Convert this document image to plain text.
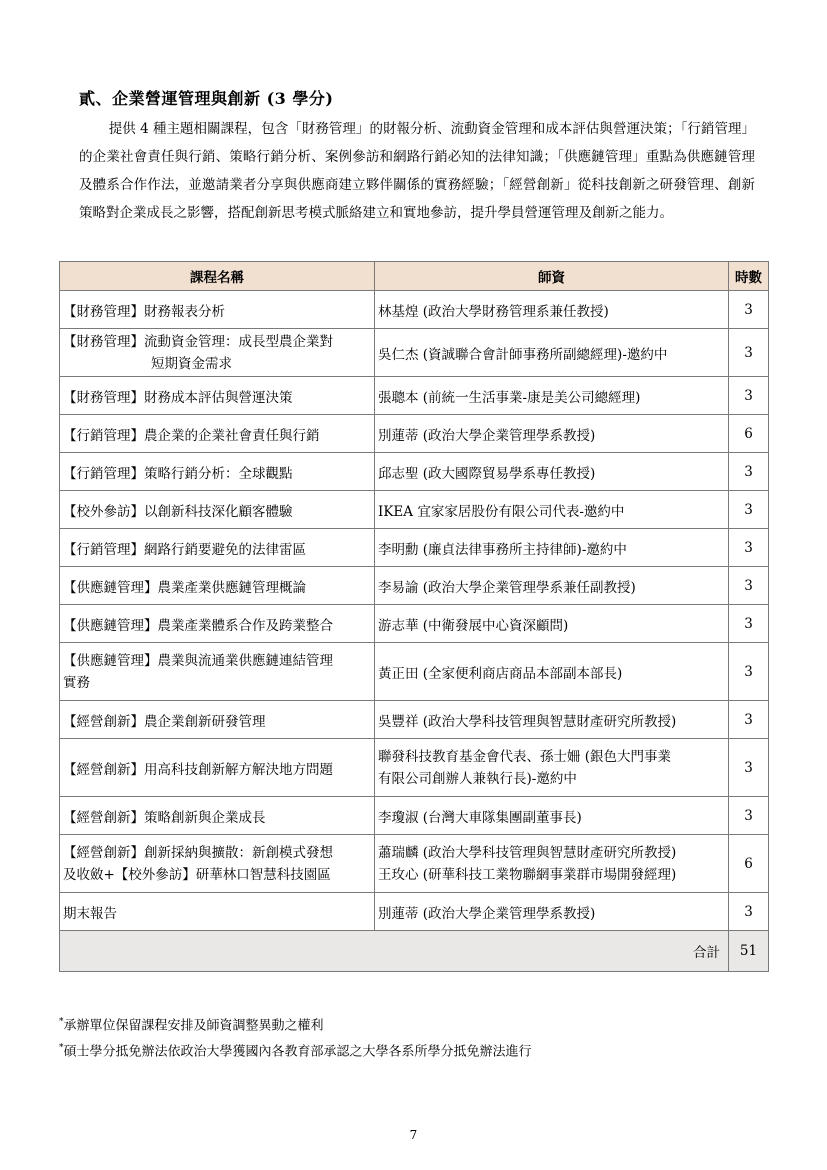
貳、企業營運管理與創新 (3 學分)

提供 4 種主題相關課程，包含「財務管理」的財報分析、流動資金管理和成本評估與營運決策；「行銷管理」的企業社會責任與行銷、策略行銷分析、案例參訪和網路行銷必知的法律知識；「供應鏈管理」重點為供應鏈管理及體系合作作法，並邀請業者分享與供應商建立夥伴關係的實務經驗；「經營創新」從科技創新之研發管理、創新策略對企業成長之影響，搭配創新思考模式脈絡建立和實地參訪，提升學員營運管理及創新之能力。

課程名稱	師資	時數
【財務管理】財務報表分析	林基煌 (政治大學財務管理系兼任教授)	3

【財務管理】流動資金管理：成長型農企業對
短期資金需求	吳仁杰 (資誠聯合會計師事務所副總經理)-邀約中	3
【財務管理】財務成本評估與營運決策	張聰本 (前統一生活事業-康是美公司總經理)	3
【行銷管理】農企業的企業社會責任與行銷	別蓮蒂 (政治大學企業管理學系教授)	6
【行銷管理】策略行銷分析：全球觀點	邱志聖 (政大國際貿易學系專任教授)	3
【校外參訪】以創新科技深化顧客體驗	IKEA 宜家家居股份有限公司代表-邀約中	3
【行銷管理】網路行銷要避免的法律雷區	李明勳 (廉貞法律事務所主持律師)-邀約中	3
【供應鏈管理】農業產業供應鏈管理概論	李易諭 (政治大學企業管理學系兼任副教授)	3
【供應鏈管理】農業產業體系合作及跨業整合	游志華 (中衛發展中心資深顧問)	3

【供應鏈管理】農業與流通業供應鏈連結管理
實務	黃正田 (全家便利商店商品本部副本部長)	3
【經營創新】農企業創新研發管理	吳豐祥 (政治大學科技管理與智慧財產研究所教授)	3
【經營創新】用高科技創新解方解決地方問題	聯發科技教育基金會代表、孫士姍 (銀色大門事業
有限公司創辦人兼執行長)-邀約中	3
【經營創新】策略創新與企業成長	李瓊淑 (台灣大車隊集團副董事長)	3

【經營創新】創新採納與擴散：新創模式發想
及收斂+【校外參訪】研華林口智慧科技園區	蕭瑞麟 (政治大學科技管理與智慧財產研究所教授)
王玫心 (研華科技工業物聯網事業群市場開發經理)	6
期末報告	別蓮蒂 (政治大學企業管理學系教授)	3
合計		51
*承辦單位保留課程安排及師資調整異動之權利
*碩士學分抵免辦法依政治大學獲國內各教育部承認之大學各系所學分抵免辦法進行
7
